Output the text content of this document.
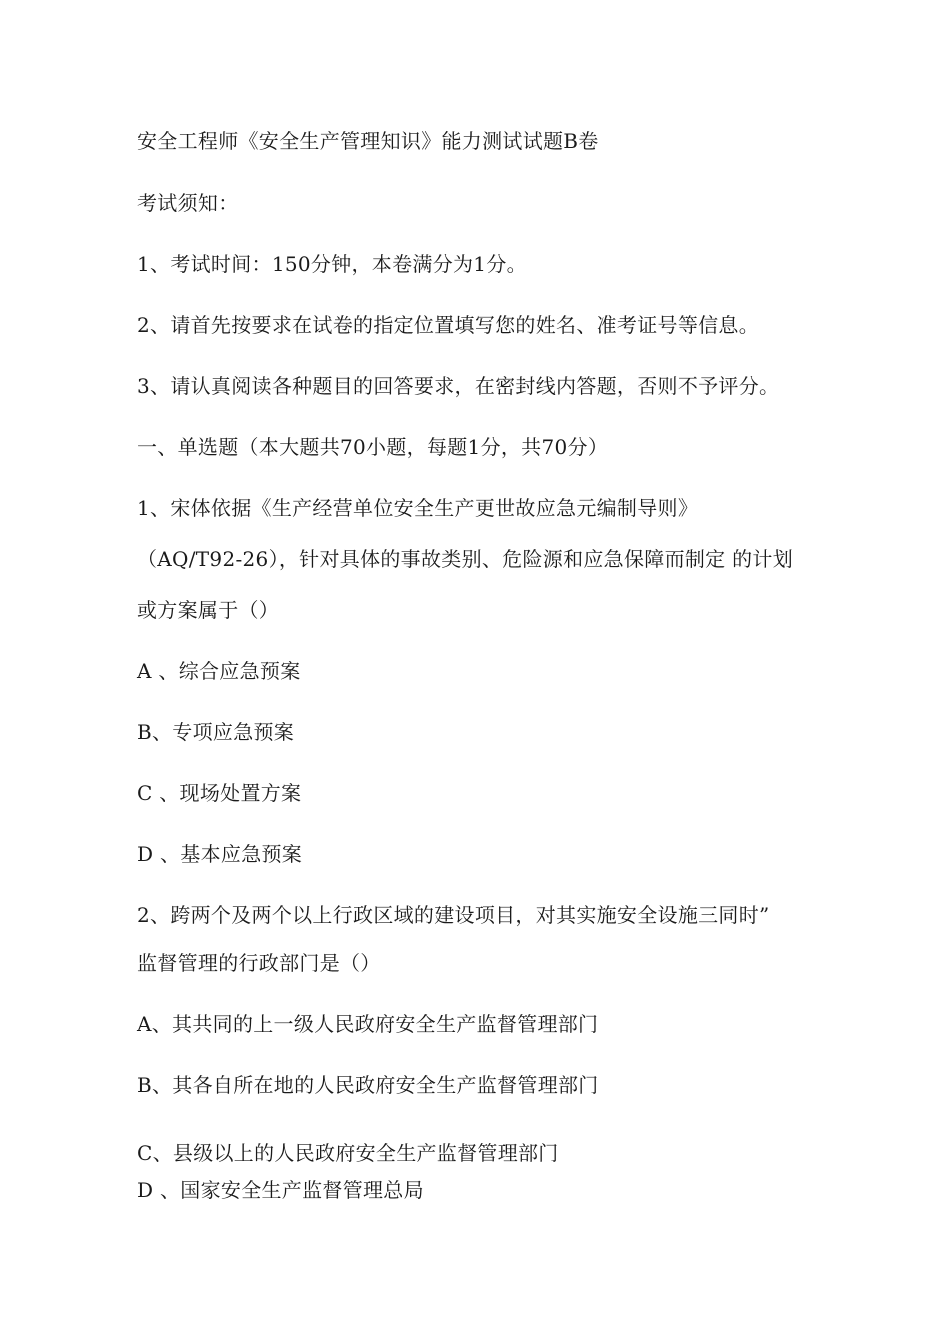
安全工程师《安全生产管理知识》能力测试试题B卷

考试须知：

1、考试时间：150分钟，本卷满分为1分。

2、请首先按要求在试卷的指定位置填写您的姓名、准考证号等信息。

3、请认真阅读各种题目的回答要求，在密封线内答题，否则不予评分。

一、单选题（本大题共70小题，每题1分，共70分）

1、宋体依据《生产经营单位安全生产更世故应急元编制导则》

（AQ/T92-26），针对具体的事故类别、危险源和应急保障而制定 的计划

或方案属于（）

A 、综合应急预案

B、专项应急预案

C 、现场处置方案

D 、基本应急预案

2、跨两个及两个以上行政区域的建设项目，对其实施安全设施三同时”

监督管理的行政部门是（）

A、其共同的上一级人民政府安全生产监督管理部门

B、其各自所在地的人民政府安全生产监督管理部门

C、县级以上的人民政府安全生产监督管理部门

D 、国家安全生产监督管理总局
